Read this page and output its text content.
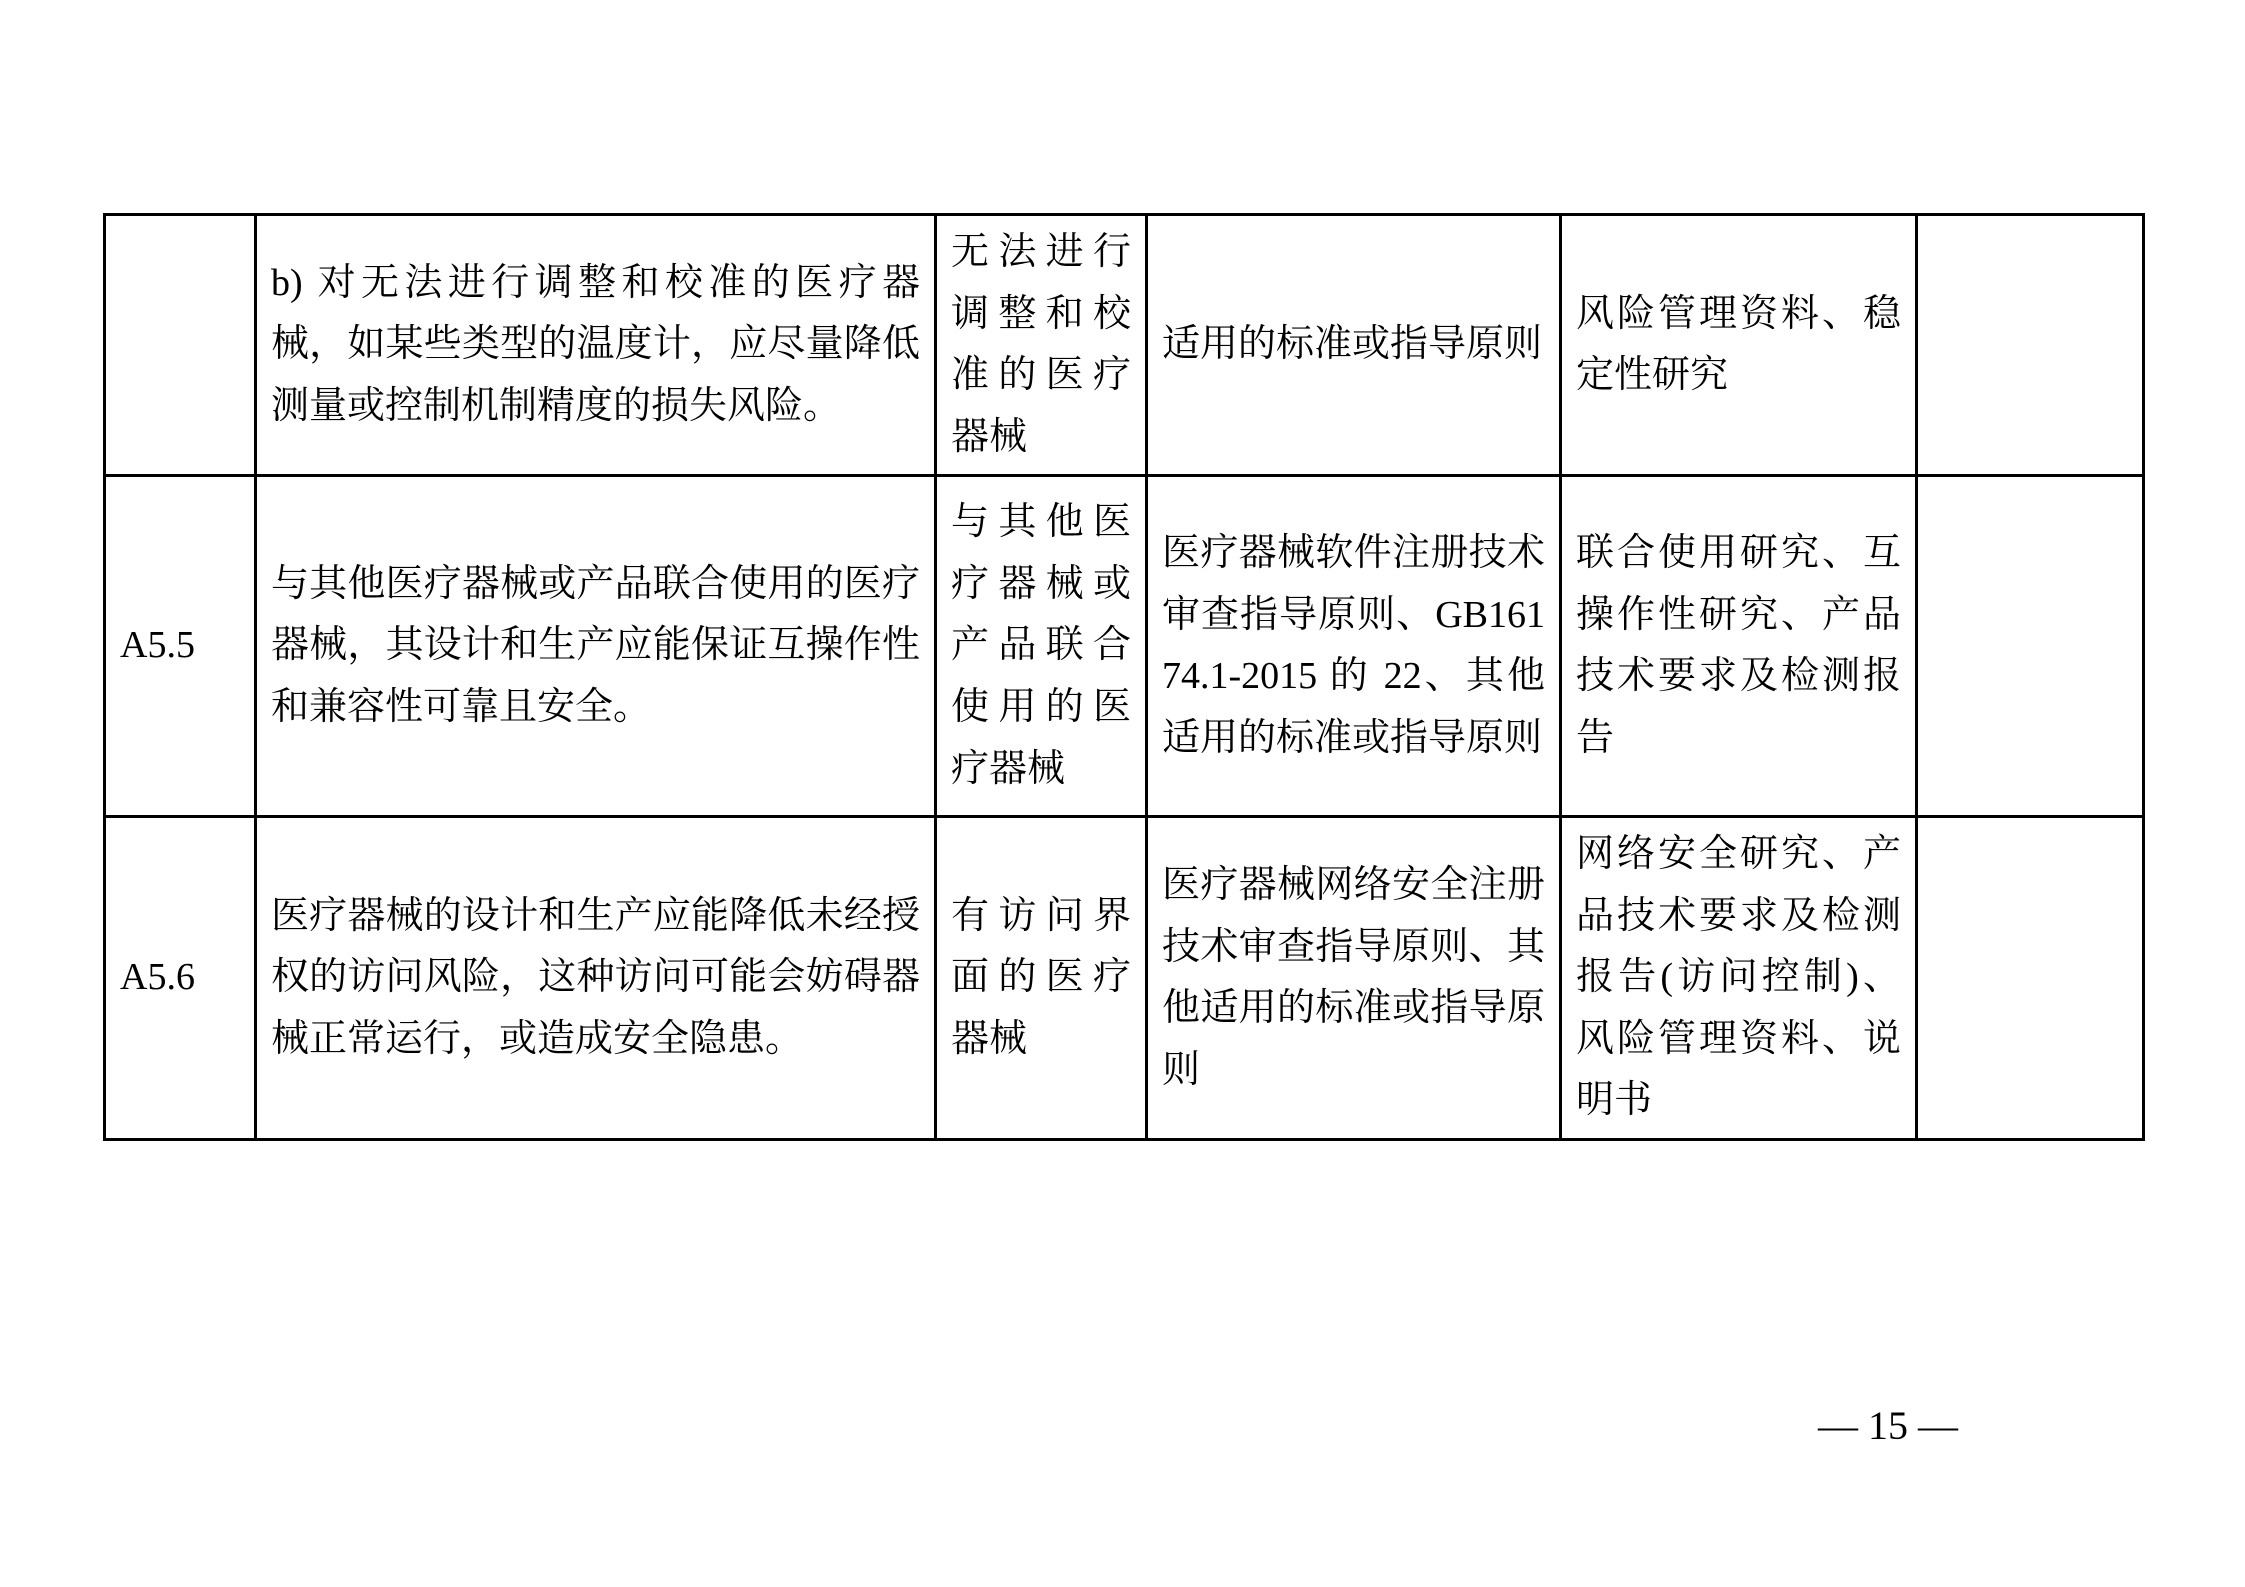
	b) 对无法进行调整和校准的医疗器械，如某些类型的温度计，应尽量降低测量或控制机制精度的损失风险。	无法进行调整和校准的医疗器械	适用的标准或指导原则	风险管理资料、稳定性研究	
A5.5	与其他医疗器械或产品联合使用的医疗器械，其设计和生产应能保证互操作性和兼容性可靠且安全。	与其他医疗器械或产品联合使用的医疗器械	医疗器械软件注册技术审查指导原则、GB16174.1-2015 的 22、其他适用的标准或指导原则	联合使用研究、互操作性研究、产品技术要求及检测报告	
A5.6	医疗器械的设计和生产应能降低未经授权的访问风险，这种访问可能会妨碍器械正常运行，或造成安全隐患。	有访问界面的医疗器械	医疗器械网络安全注册技术审查指导原则、其他适用的标准或指导原则	网络安全研究、产品技术要求及检测报告(访问控制)、风险管理资料、说明书	
— 15 —
